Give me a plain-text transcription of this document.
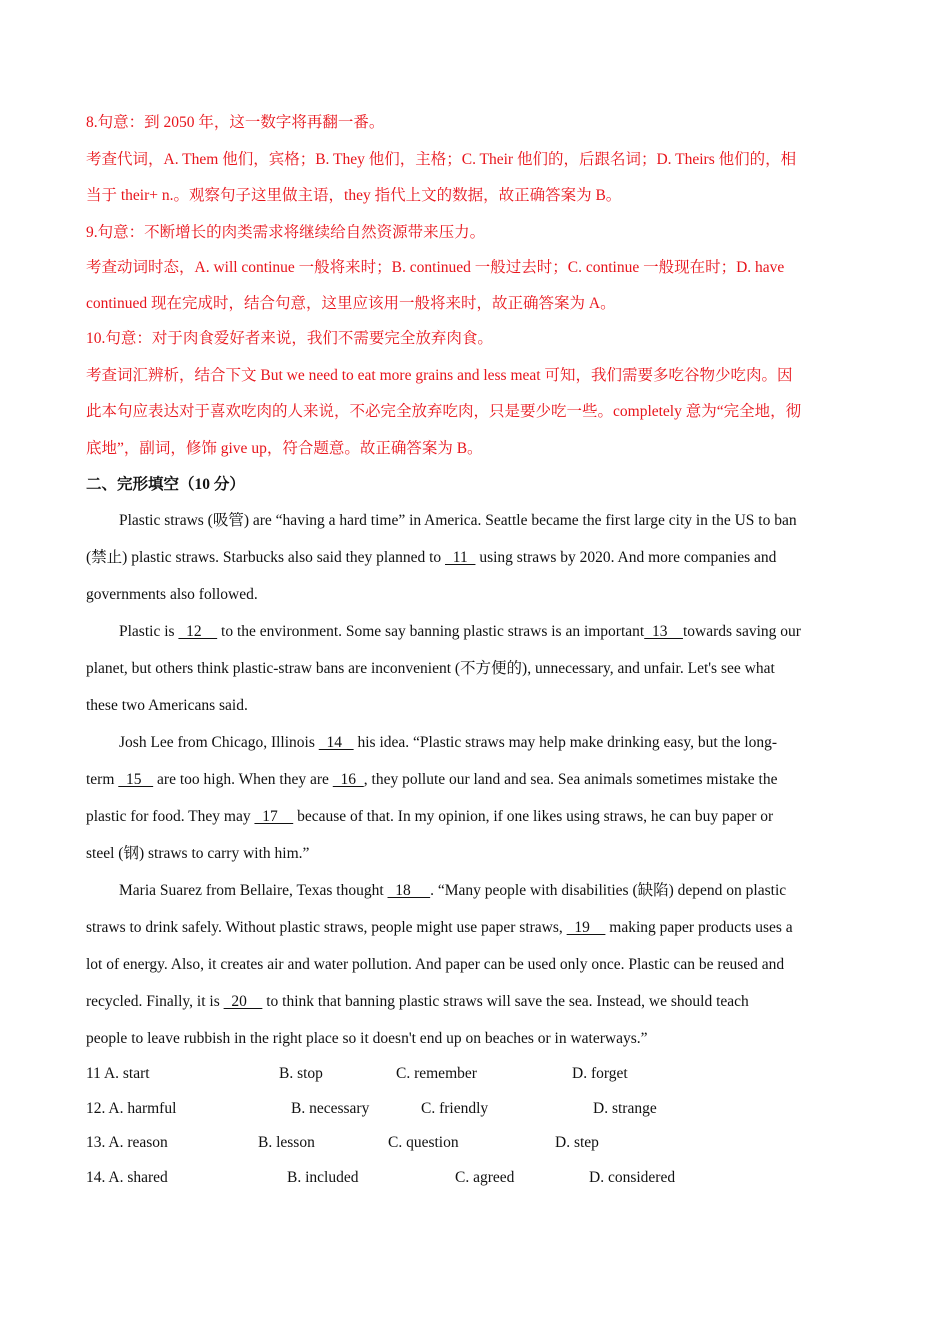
8.句意：到 2050 年，这一数字将再翻一番。
考查代词，A. Them 他们，宾格；B. They 他们，主格；C. Their 他们的，后跟名词；D. Theirs 他们的，相
当于 their+ n.。观察句子这里做主语，they 指代上文的数据，故正确答案为 B。
9.句意：不断增长的肉类需求将继续给自然资源带来压力。
考查动词时态，A. will continue 一般将来时；B. continued 一般过去时；C. continue 一般现在时；D. have
continued 现在完成时，结合句意，这里应该用一般将来时，故正确答案为 A。
10.句意：对于肉食爱好者来说，我们不需要完全放弃肉食。
考查词汇辨析，结合下文 But we need to eat more grains and less meat 可知，我们需要多吃谷物少吃肉。因
此本句应表达对于喜欢吃肉的人来说，不必完全放弃吃肉，只是要少吃一些。completely 意为“完全地，彻
底地”，副词，修饰 give up，符合题意。故正确答案为 B。
二、完形填空（10 分）
Plastic straws (吸管) are “having a hard time” in America. Seattle became the first large city in the US to ban
(禁止) plastic straws. Starbucks also said they planned to   11   using straws by 2020. And more companies and
governments also followed.
Plastic is   12     to the environment. Some say banning plastic straws is an important  13    towards saving our
planet, but others think plastic-straw bans are inconvenient (不方便的), unnecessary, and unfair. Let's see what
these two Americans said.
Josh Lee from Chicago, Illinois   14    his idea. “Plastic straws may help make drinking easy, but the long-
term   15    are too high. When they are   16  , they pollute our land and sea. Sea animals sometimes mistake the
plastic for food. They may   17     because of that. In my opinion, if one likes using straws, he can buy paper or
steel (钢) straws to carry with him.”
Maria Suarez from Bellaire, Texas thought   18     . “Many people with disabilities (缺陷) depend on plastic
straws to drink safely. Without plastic straws, people might use paper straws,   19     making paper products uses a
lot of energy. Also, it creates air and water pollution. And paper can be used only once. Plastic can be reused and
recycled. Finally, it is   20     to think that banning plastic straws will save the sea. Instead, we should teach
people to leave rubbish in the right place so it doesn't end up on beaches or in waterways.”
11 A. start	B. stop	C. remember	D. forget
12. A. harmful	B. necessary	C. friendly	D. strange
13. A. reason	B. lesson	C. question	D. step
14. A. shared	B. included	C. agreed	D. considered
